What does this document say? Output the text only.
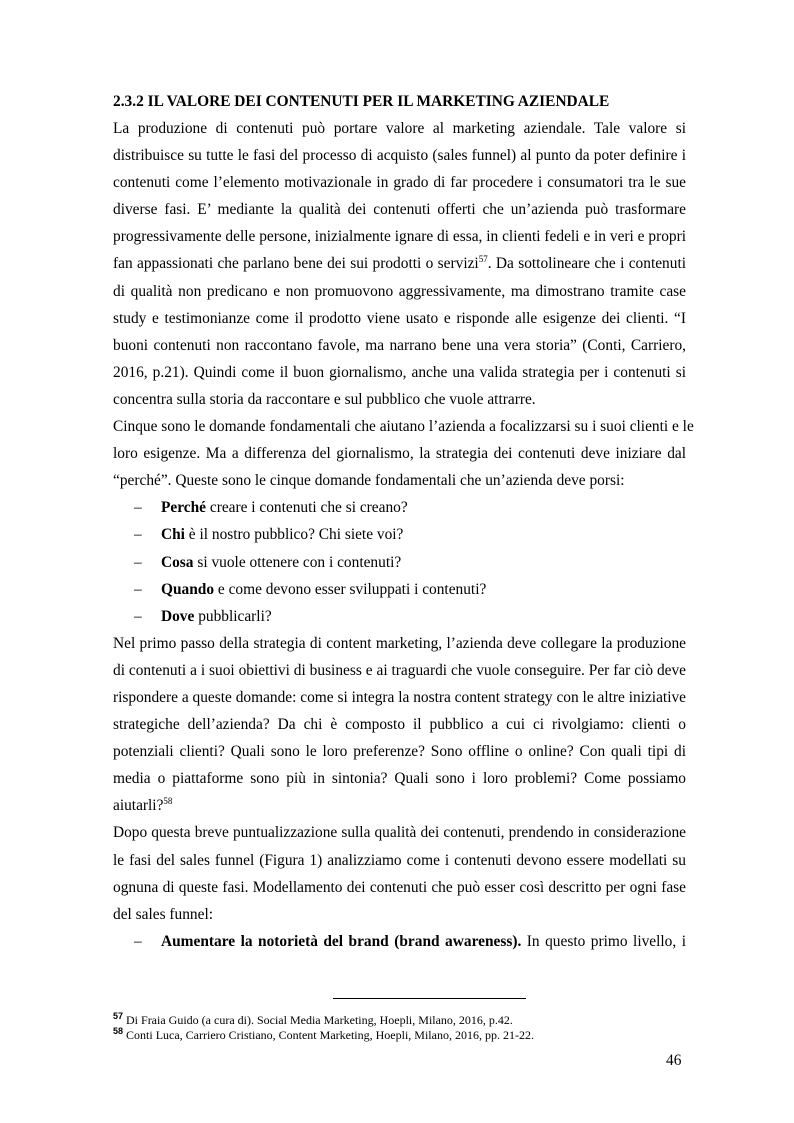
2.3.2 IL VALORE DEI CONTENUTI PER IL MARKETING AZIENDALE

La produzione di contenuti può portare valore al marketing aziendale. Tale valore si
distribuisce su tutte le fasi del processo di acquisto (sales funnel) al punto da poter definire i
contenuti come l’elemento motivazionale in grado di far procedere i consumatori tra le sue
diverse fasi. E’ mediante la qualità dei contenuti offerti che un’azienda può trasformare
progressivamente delle persone, inizialmente ignare di essa, in clienti fedeli e in veri e propri
fan appassionati che parlano bene dei sui prodotti o servizi$^{57}$. Da sottolineare che i contenuti
di qualità non predicano e non promuovono aggressivamente, ma dimostrano tramite case
study e testimonianze come il prodotto viene usato e risponde alle esigenze dei clienti. “I
buoni contenuti non raccontano favole, ma narrano bene una vera storia” (Conti, Carriero,
2016, p.21). Quindi come il buon giornalismo, anche una valida strategia per i contenuti si
concentra sulla storia da raccontare e sul pubblico che vuole attrarre.

Cinque sono le domande fondamentali che aiutano l’azienda a focalizzarsi su i suoi clienti e le
loro esigenze. Ma a differenza del giornalismo, la strategia dei contenuti deve iniziare dal
“perché”. Queste sono le cinque domande fondamentali che un’azienda deve porsi:

– Perché creare i contenuti che si creano?
– Chi è il nostro pubblico? Chi siete voi?
– Cosa si vuole ottenere con i contenuti?
– Quando e come devono esser sviluppati i contenuti?
– Dove pubblicarli?

Nel primo passo della strategia di content marketing, l’azienda deve collegare la produzione
di contenuti a i suoi obiettivi di business e ai traguardi che vuole conseguire. Per far ciò deve
rispondere a queste domande: come si integra la nostra content strategy con le altre iniziative
strategiche dell’azienda? Da chi è composto il pubblico a cui ci rivolgiamo: clienti o
potenziali clienti? Quali sono le loro preferenze? Sono offline o online? Con quali tipi di
media o piattaforme sono più in sintonia? Quali sono i loro problemi? Come possiamo
aiutarli?$^{58}$

Dopo questa breve puntualizzazione sulla qualità dei contenuti, prendendo in considerazione
le fasi del sales funnel (Figura 1) analizziamo come i contenuti devono essere modellati su
ognuna di queste fasi. Modellamento dei contenuti che può esser così descritto per ogni fase
del sales funnel:

– Aumentare la notorietà del brand (brand awareness). In questo primo livello, i
$^{57}$ Di Fraia Guido (a cura di). Social Media Marketing, Hoepli, Milano, 2016, p.42.
$^{58}$ Conti Luca, Carriero Cristiano, Content Marketing, Hoepli, Milano, 2016, pp. 21-22.
46
